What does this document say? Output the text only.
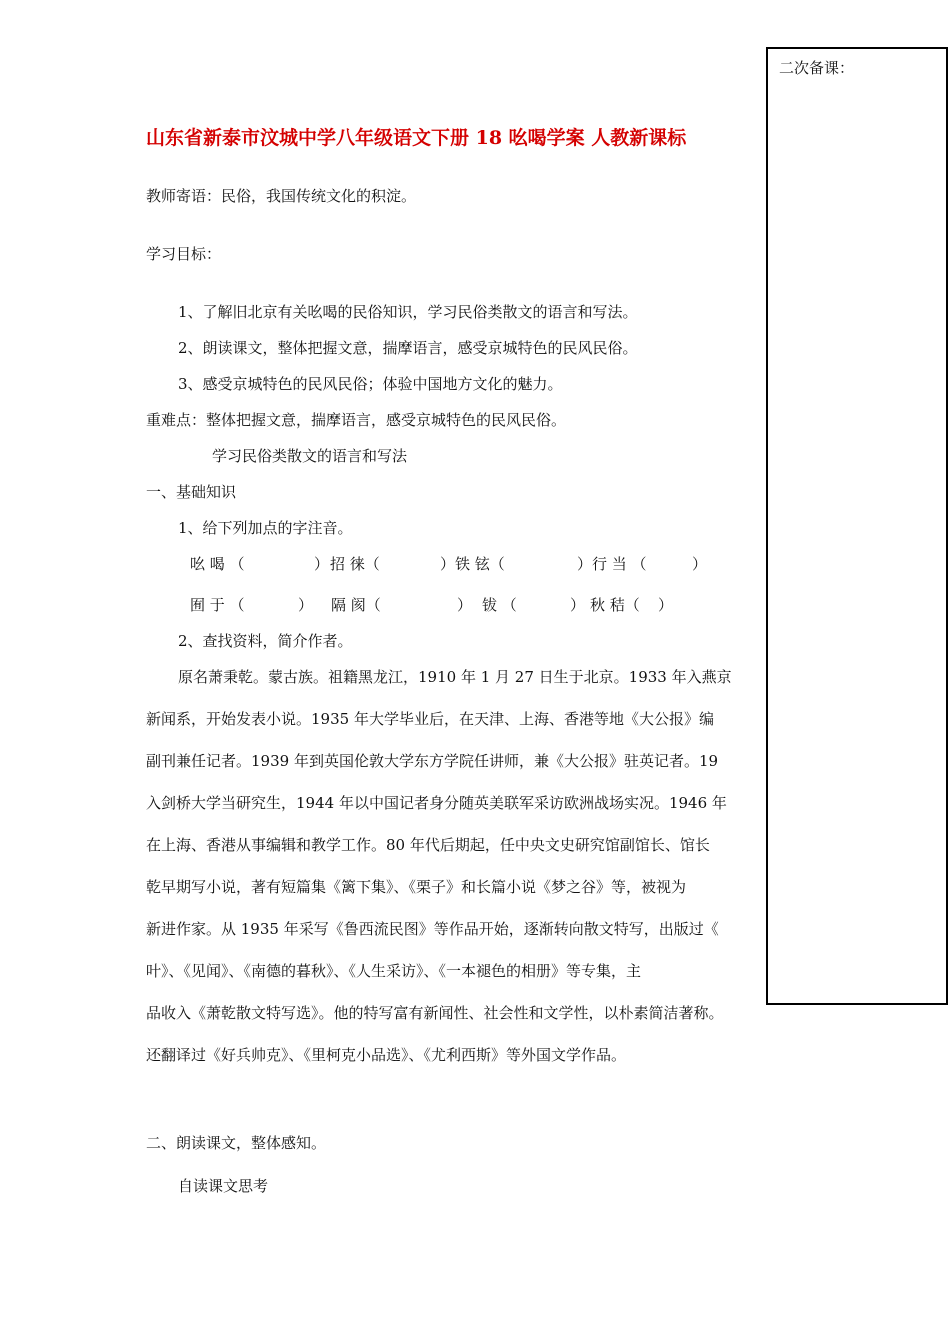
山东省新泰市汶城中学八年级语文下册 18 吆喝学案 人教新课标
教师寄语：民俗，我国传统文化的积淀。
学习目标：
1、了解旧北京有关吆喝的民俗知识，学习民俗类散文的语言和写法。
2、朗读课文，整体把握文意，揣摩语言，感受京城特色的民风民俗。
3、感受京城特色的民风民俗；体验中国地方文化的魅力。
重难点：整体把握文意，揣摩语言，感受京城特色的民风民俗。
学习民俗类散文的语言和写法
一、基础知识
1、给下列加点的字注音。
吆 喝 （	）招 徕（	）铁 铉（	）行 当 （	）
囿 于 （	） 隔 阂（	） 钹 （	） 秋 秸（ ）
2、查找资料，简介作者。
原名萧秉乾。蒙古族。祖籍黑龙江，1910 年 1 月 27 日生于北京。1933 年入燕京
新闻系，开始发表小说。1935 年大学毕业后，在天津、上海、香港等地《大公报》编
副刊兼任记者。1939 年到英国伦敦大学东方学院任讲师，兼《大公报》驻英记者。19
入剑桥大学当研究生，1944 年以中国记者身分随英美联军采访欧洲战场实况。1946 年
在上海、香港从事编辑和教学工作。80 年代后期起，任中央文史研究馆副馆长、馆长
乾早期写小说，著有短篇集《篱下集》、《栗子》和长篇小说《梦之谷》等，被视为
新进作家。从 1935 年采写《鲁西流民图》等作品开始，逐渐转向散文特写，出版过《
叶》、《见闻》、《南德的暮秋》、《人生采访》、《一本褪色的相册》等专集，主
品收入《萧乾散文特写选》。他的特写富有新闻性、社会性和文学性，以朴素简洁著称。
还翻译过《好兵帅克》、《里柯克小品选》、《尤利西斯》等外国文学作品。
二、朗读课文，整体感知。
自读课文思考
二次备课：
